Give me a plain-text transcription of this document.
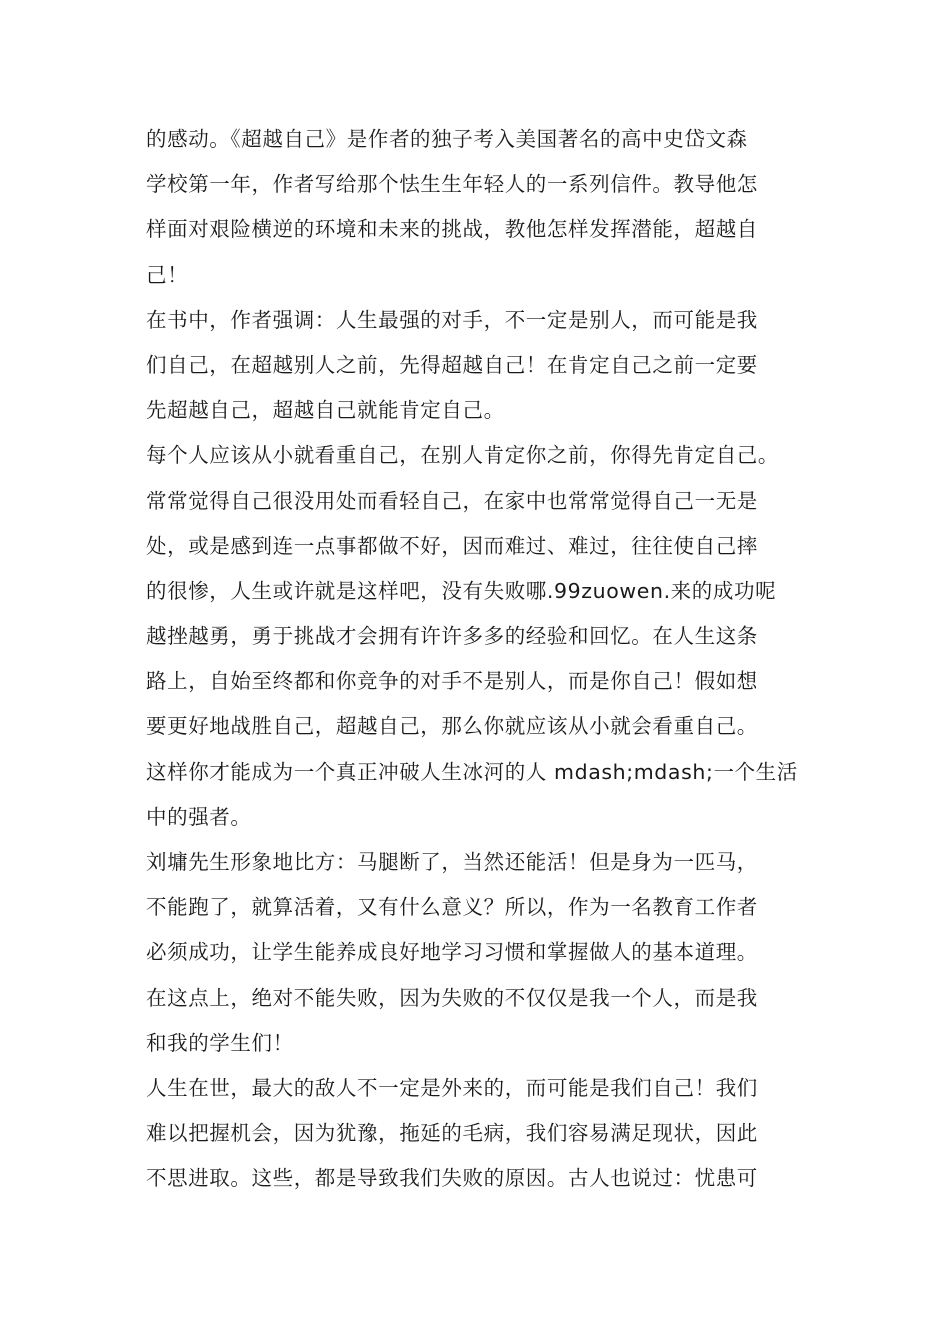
的感动。《超越自己》是作者的独子考入美国著名的高中史岱文森
学校第一年，作者写给那个怯生生年轻人的一系列信件。教导他怎
样面对艰险横逆的环境和未来的挑战，教他怎样发挥潜能，超越自
己！
在书中，作者强调：人生最强的对手，不一定是别人，而可能是我
们自己，在超越别人之前，先得超越自己！在肯定自己之前一定要
先超越自己，超越自己就能肯定自己。
每个人应该从小就看重自己，在别人肯定你之前，你得先肯定自己。
常常觉得自己很没用处而看轻自己，在家中也常常觉得自己一无是
处，或是感到连一点事都做不好，因而难过、难过，往往使自己摔
的很惨，人生或许就是这样吧，没有失败哪.99zuowen.来的成功呢
越挫越勇，勇于挑战才会拥有许许多多的经验和回忆。在人生这条
路上，自始至终都和你竞争的对手不是别人，而是你自己！假如想
要更好地战胜自己，超越自己，那么你就应该从小就会看重自己。
这样你才能成为一个真正冲破人生冰河的人 mdash;mdash;一个生活
中的强者。
刘墉先生形象地比方：马腿断了，当然还能活！但是身为一匹马，
不能跑了，就算活着，又有什么意义？所以，作为一名教育工作者
必须成功，让学生能养成良好地学习习惯和掌握做人的基本道理。
在这点上，绝对不能失败，因为失败的不仅仅是我一个人，而是我
和我的学生们！
人生在世，最大的敌人不一定是外来的，而可能是我们自己！我们
难以把握机会，因为犹豫，拖延的毛病，我们容易满足现状，因此
不思进取。这些，都是导致我们失败的原因。古人也说过：忧患可
